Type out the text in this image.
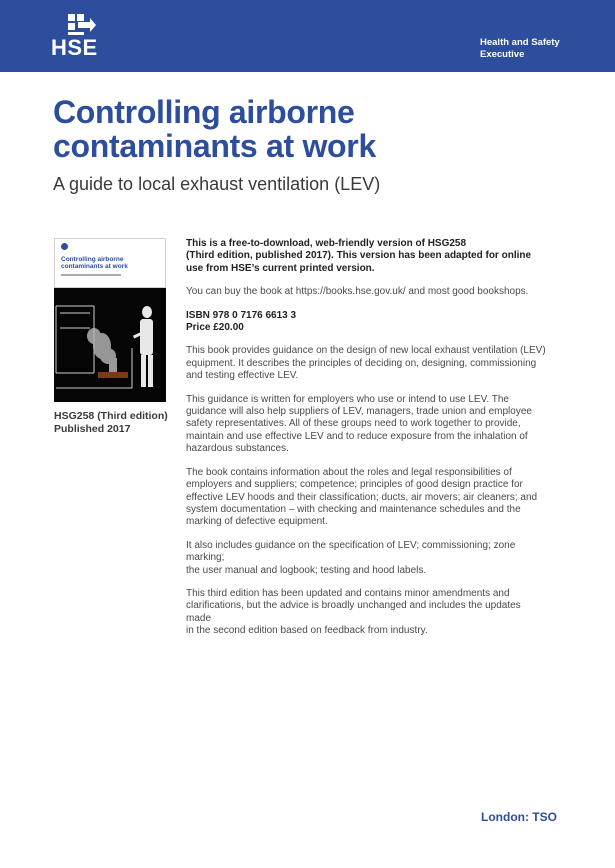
HSE	Health and Safety
Executive
Controlling airborne
contaminants at work
A guide to local exhaust ventilation (LEV)
Controlling airborne
contaminants at work
HSG258 (Third edition)
Published 2017

This is a free-to-download, web-friendly version of HSG258
(Third edition, published 2017). This version has been adapted for online
use from HSE’s current printed version.

You can buy the book at https://books.hse.gov.uk/ and most good bookshops.

ISBN 978 0 7176 6613 3
Price £20.00

This book provides guidance on the design of new local exhaust ventilation (LEV)
equipment. It describes the principles of deciding on, designing, commissioning
and testing effective LEV.

This guidance is written for employers who use or intend to use LEV. The
guidance will also help suppliers of LEV, managers, trade union and employee
safety representatives. All of these groups need to work together to provide,
maintain and use effective LEV and to reduce exposure from the inhalation of
hazardous substances.

The book contains information about the roles and legal responsibilities of
employers and suppliers; competence; principles of good design practice for
effective LEV hoods and their classification; ducts, air movers; air cleaners; and
system documentation – with checking and maintenance schedules and the
marking of defective equipment.

It also includes guidance on the specification of LEV; commissioning; zone marking;
the user manual and logbook; testing and hood labels.

This third edition has been updated and contains minor amendments and
clarifications, but the advice is broadly unchanged and includes the updates made
in the second edition based on feedback from industry.

London: TSO
